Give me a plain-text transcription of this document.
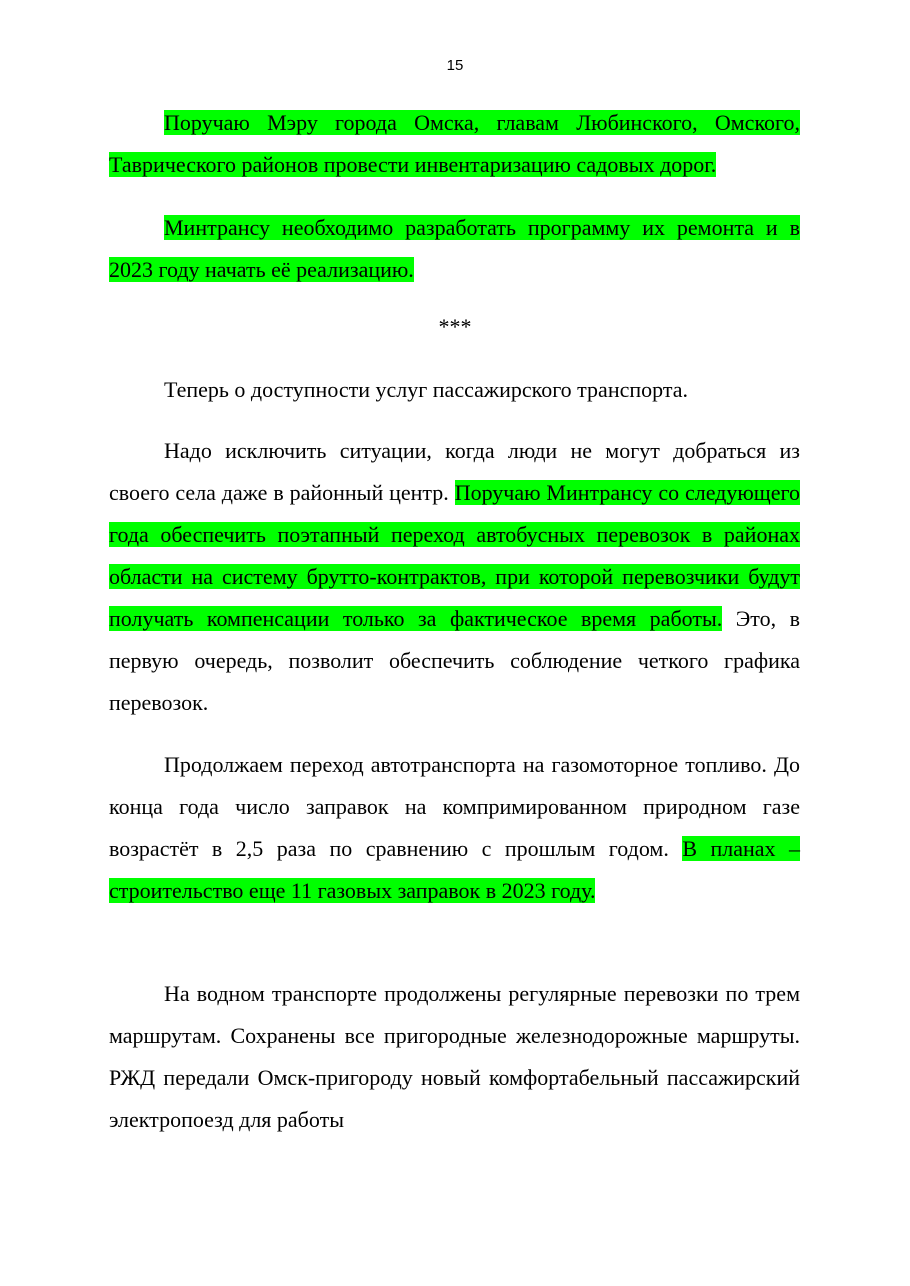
15
Поручаю Мэру города Омска, главам Любинского, Омского, Таврического районов провести инвентаризацию садовых дорог.
Минтрансу необходимо разработать программу их ремонта и в 2023 году начать её реализацию.
***
Теперь о доступности услуг пассажирского транспорта.
Надо исключить ситуации, когда люди не могут добраться из своего села даже в районный центр. Поручаю Минтрансу со следующего года обеспечить поэтапный переход автобусных перевозок в районах области на систему брутто-контрактов, при которой перевозчики будут получать компенсации только за фактическое время работы. Это, в первую очередь, позволит обеспечить соблюдение четкого графика перевозок.
Продолжаем переход автотранспорта на газомоторное топливо. До конца года число заправок на компримированном природном газе возрастёт в 2,5 раза по сравнению с прошлым годом. В планах – строительство еще 11 газовых заправок в 2023 году.
На водном транспорте продолжены регулярные перевозки по трем маршрутам. Сохранены все пригородные железнодорожные маршруты. РЖД передали Омск-пригороду новый комфортабельный пассажирский электропоезд для работы
